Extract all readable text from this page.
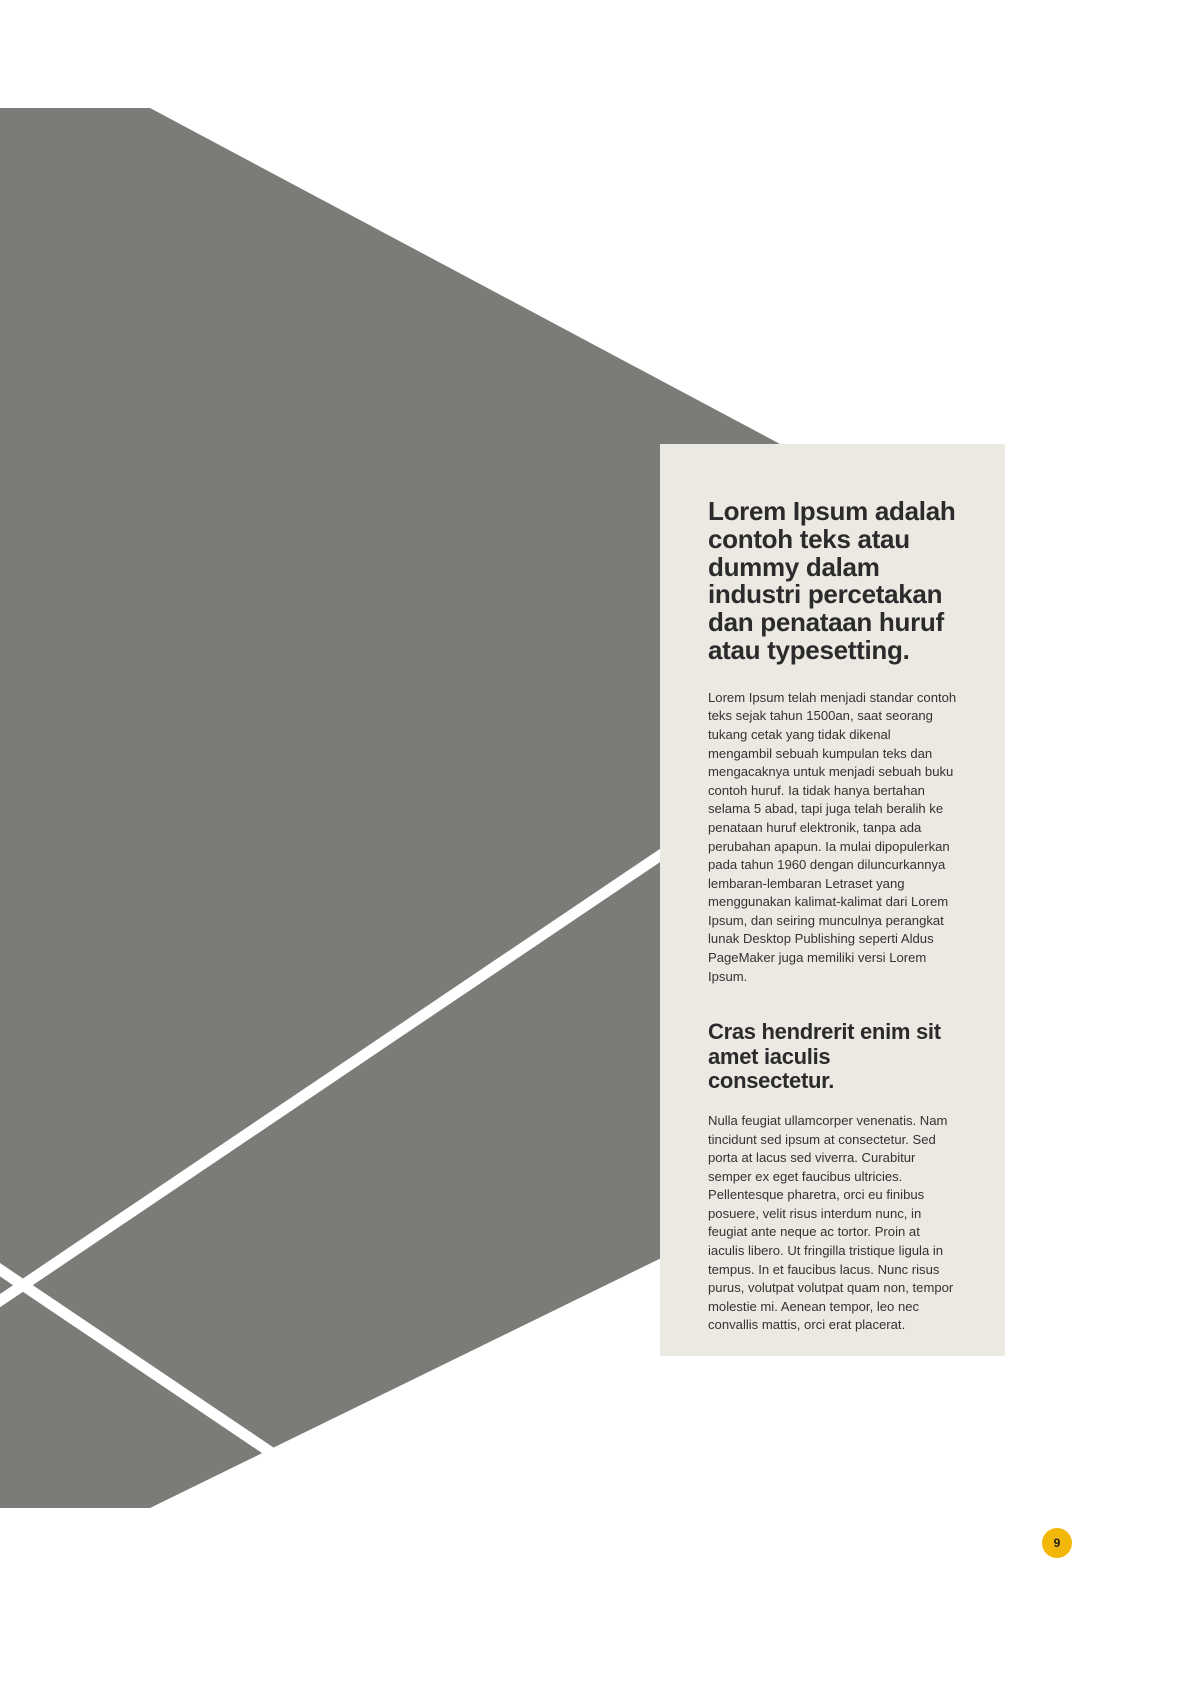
Lorem Ipsum adalah contoh teks atau dummy dalam industri percetakan dan penataan huruf atau typesetting.

Lorem Ipsum telah menjadi standar contoh teks sejak tahun 1500an, saat seorang tukang cetak yang tidak dikenal mengambil sebuah kumpulan teks dan mengacaknya untuk menjadi sebuah buku contoh huruf. Ia tidak hanya bertahan selama 5 abad, tapi juga telah beralih ke penataan huruf elektronik, tanpa ada perubahan apapun. Ia mulai dipopulerkan pada tahun 1960 dengan diluncurkannya lembaran-lembaran Letraset yang menggunakan kalimat-kalimat dari Lorem Ipsum, dan seiring munculnya perangkat lunak Desktop Publishing seperti Aldus PageMaker juga memiliki versi Lorem Ipsum.

Cras hendrerit enim sit amet iaculis consectetur.

Nulla feugiat ullamcorper venenatis. Nam tincidunt sed ipsum at consectetur. Sed porta at lacus sed viverra. Curabitur semper ex eget faucibus ultricies. Pellentesque pharetra, orci eu finibus posuere, velit risus interdum nunc, in feugiat ante neque ac tortor. Proin at iaculis libero. Ut fringilla tristique ligula in tempus. In et faucibus lacus. Nunc risus purus, volutpat volutpat quam non, tempor molestie mi. Aenean tempor, leo nec convallis mattis, orci erat placerat.

9
